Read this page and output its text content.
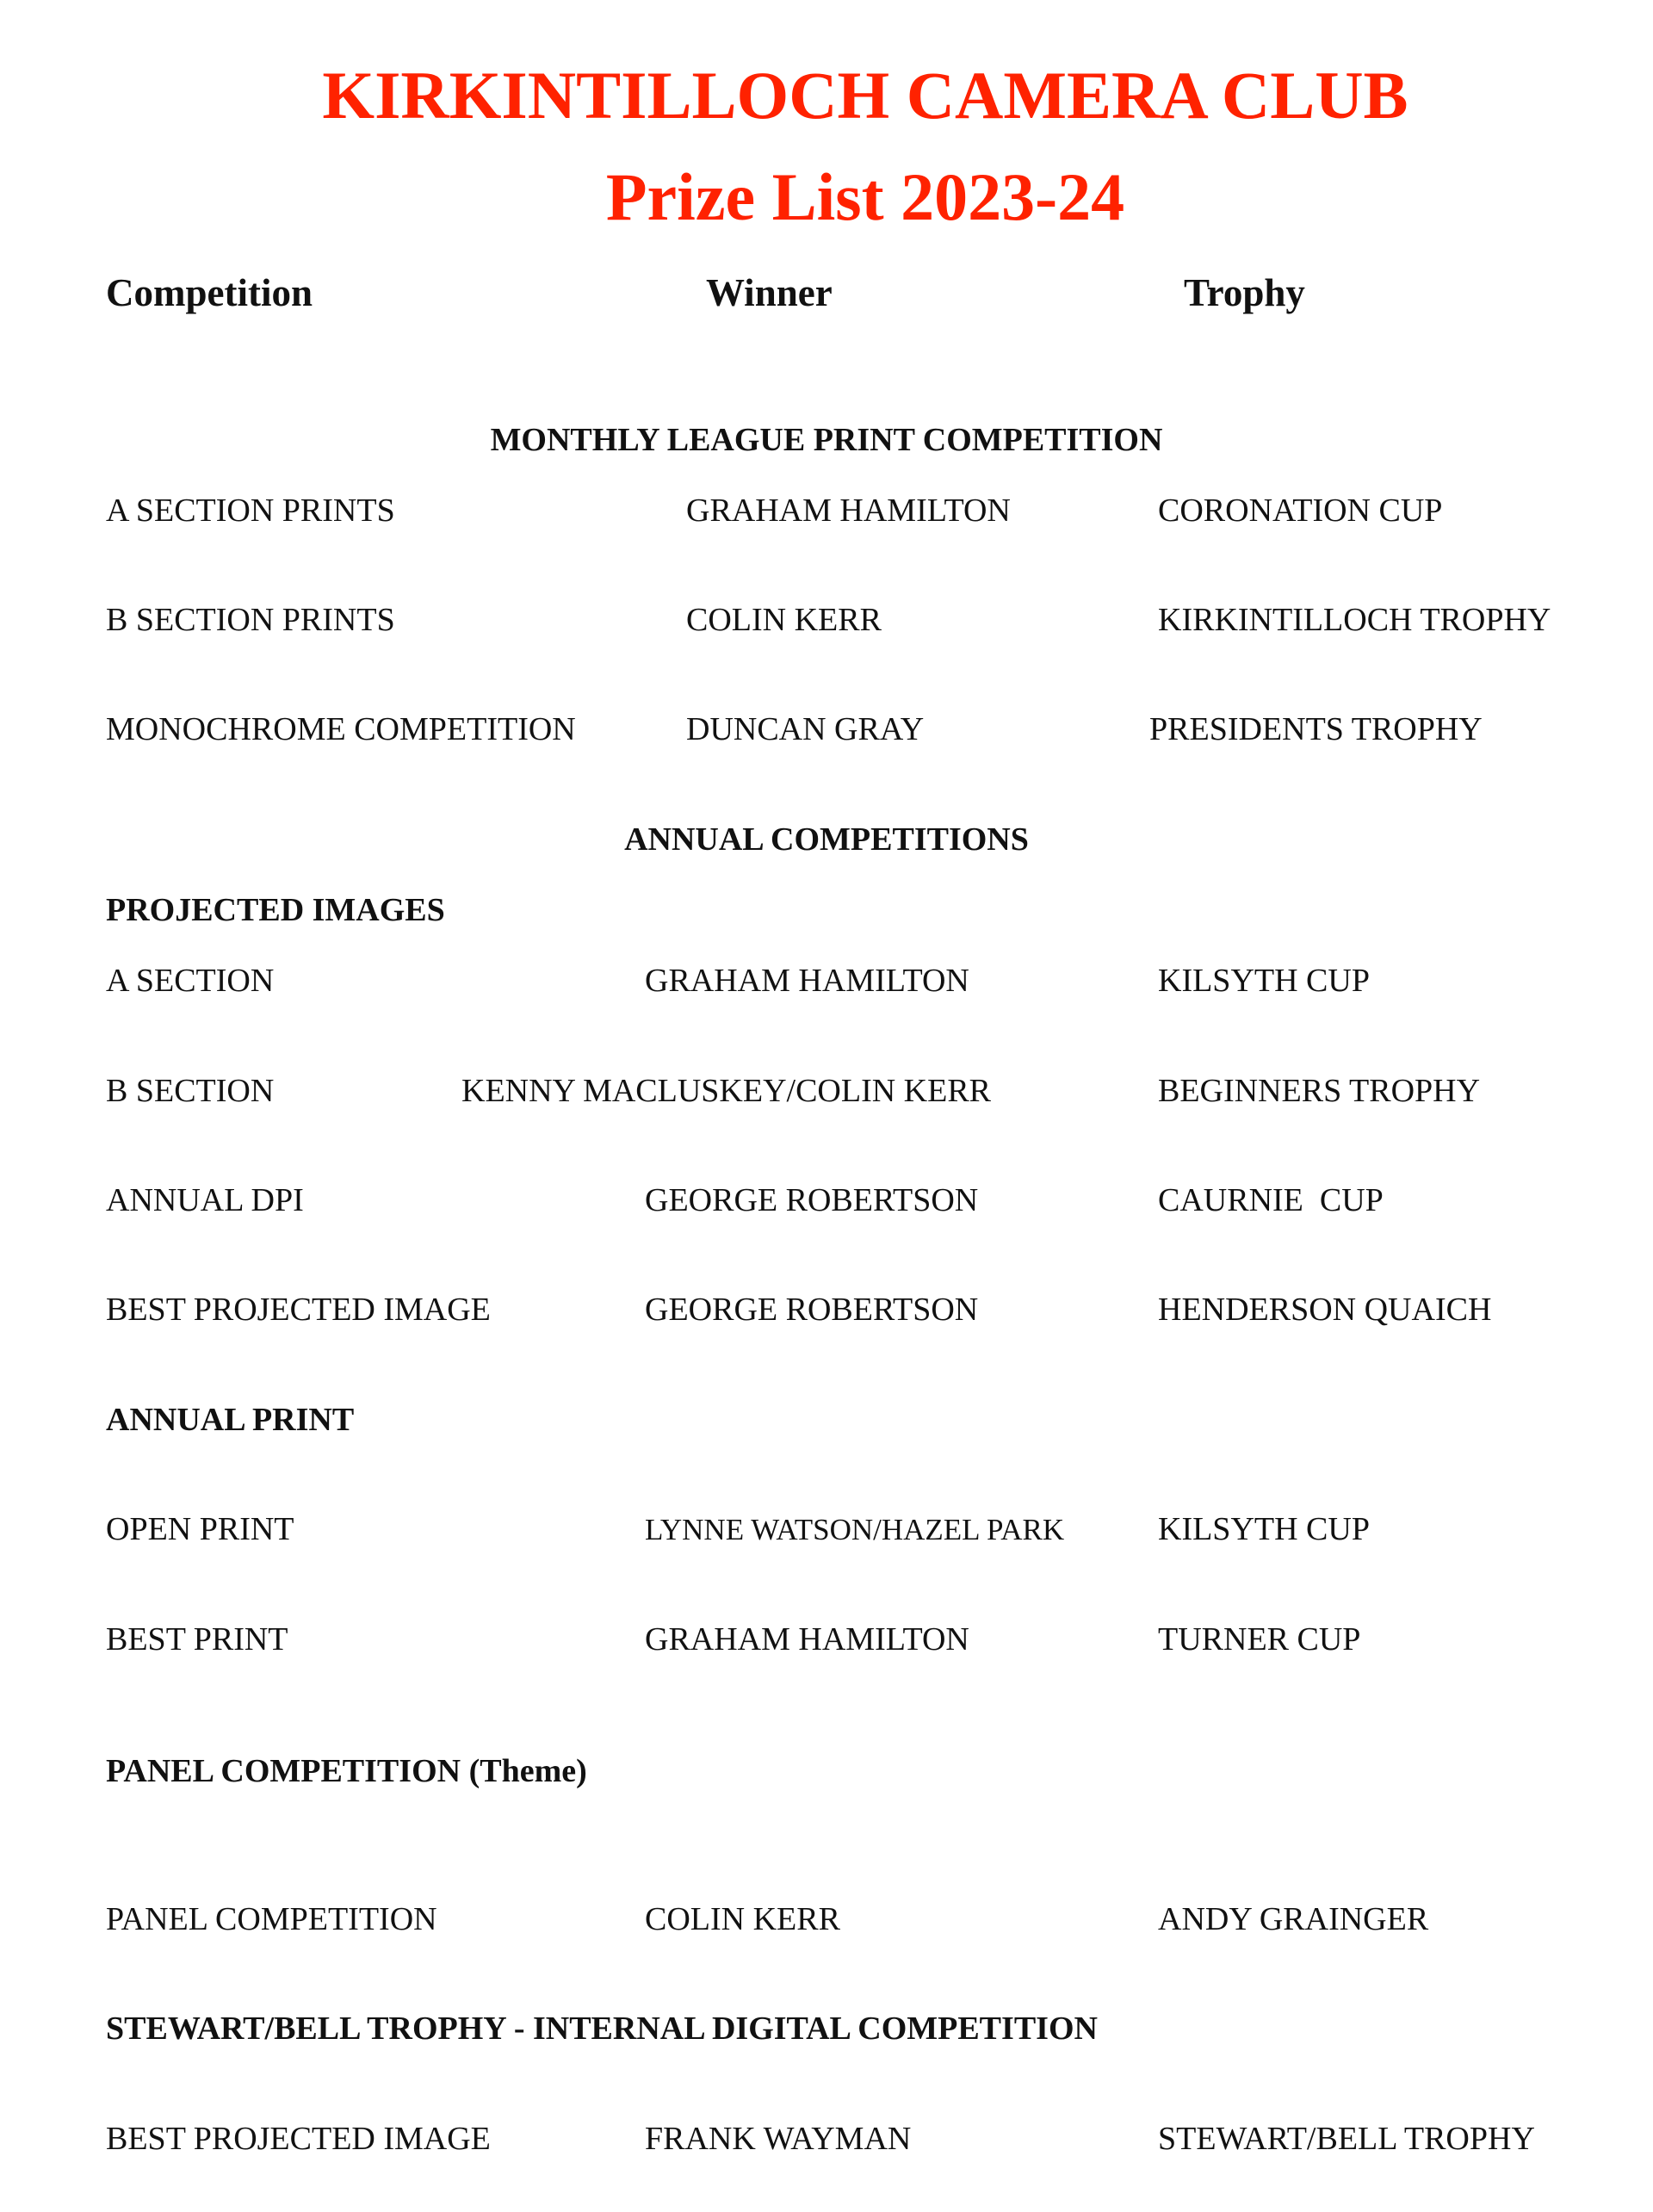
KIRKINTILLOCH CAMERA CLUB
Prize List 2023-24
Competition	Winner	Trophy
MONTHLY LEAGUE PRINT COMPETITION
A SECTION PRINTS	GRAHAM HAMILTON	CORONATION CUP
B SECTION PRINTS	COLIN KERR	KIRKINTILLOCH TROPHY
MONOCHROME COMPETITION	DUNCAN GRAY	PRESIDENTS TROPHY
ANNUAL COMPETITIONS
PROJECTED IMAGES
A SECTION	GRAHAM HAMILTON	KILSYTH CUP
B SECTION	KENNY MACLUSKEY/COLIN KERR	BEGINNERS TROPHY
ANNUAL DPI	GEORGE ROBERTSON	CAURNIE  CUP
BEST PROJECTED IMAGE	GEORGE ROBERTSON	HENDERSON QUAICH
ANNUAL PRINT
OPEN PRINT	LYNNE WATSON/HAZEL PARK	KILSYTH CUP
BEST PRINT	GRAHAM HAMILTON	TURNER CUP
PANEL COMPETITION (Theme)
PANEL COMPETITION	COLIN KERR	ANDY GRAINGER
STEWART/BELL TROPHY - INTERNAL DIGITAL COMPETITION
BEST PROJECTED IMAGE	FRANK WAYMAN	STEWART/BELL TROPHY
